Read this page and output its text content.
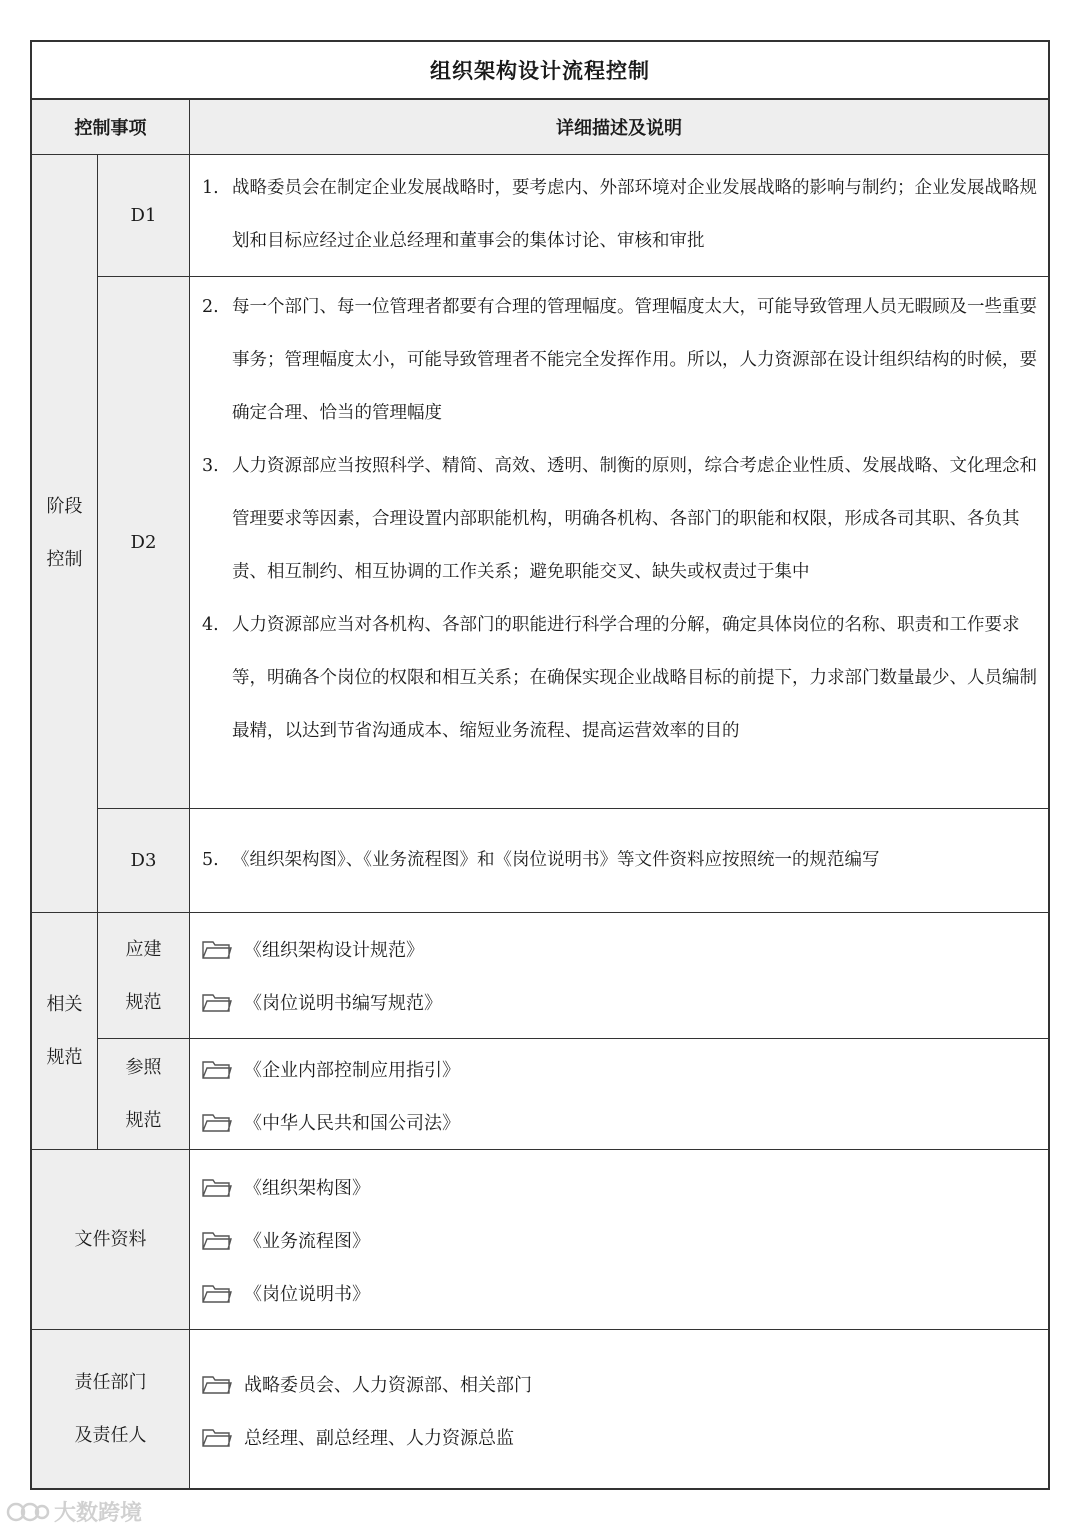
组织架构设计流程控制
控制事项	详细描述及说明
阶段
控制
D1
1. 战略委员会在制定企业发展战略时，要考虑内、外部环境对企业发展战略的影响与制约；企业发展战略规划和目标应经过企业总经理和董事会的集体讨论、审核和审批
D2
2. 每一个部门、每一位管理者都要有合理的管理幅度。管理幅度太大，可能导致管理人员无暇顾及一些重要事务；管理幅度太小，可能导致管理者不能完全发挥作用。所以，人力资源部在设计组织结构的时候，要确定合理、恰当的管理幅度
3. 人力资源部应当按照科学、精简、高效、透明、制衡的原则，综合考虑企业性质、发展战略、文化理念和管理要求等因素，合理设置内部职能机构，明确各机构、各部门的职能和权限，形成各司其职、各负其责、相互制约、相互协调的工作关系；避免职能交叉、缺失或权责过于集中
4. 人力资源部应当对各机构、各部门的职能进行科学合理的分解，确定具体岗位的名称、职责和工作要求等，明确各个岗位的权限和相互关系；在确保实现企业战略目标的前提下，力求部门数量最少、人员编制最精，以达到节省沟通成本、缩短业务流程、提高运营效率的目的
D3	5. 《组织架构图》、《业务流程图》和《岗位说明书》等文件资料应按照统一的规范编写
相关
规范
应建
规范
《组织架构设计规范》
《岗位说明书编写规范》
参照
规范
《企业内部控制应用指引》
《中华人民共和国公司法》
文件资料
《组织架构图》
《业务流程图》
《岗位说明书》
责任部门
及责任人
战略委员会、人力资源部、相关部门
总经理、副总经理、人力资源总监
大数跨境
